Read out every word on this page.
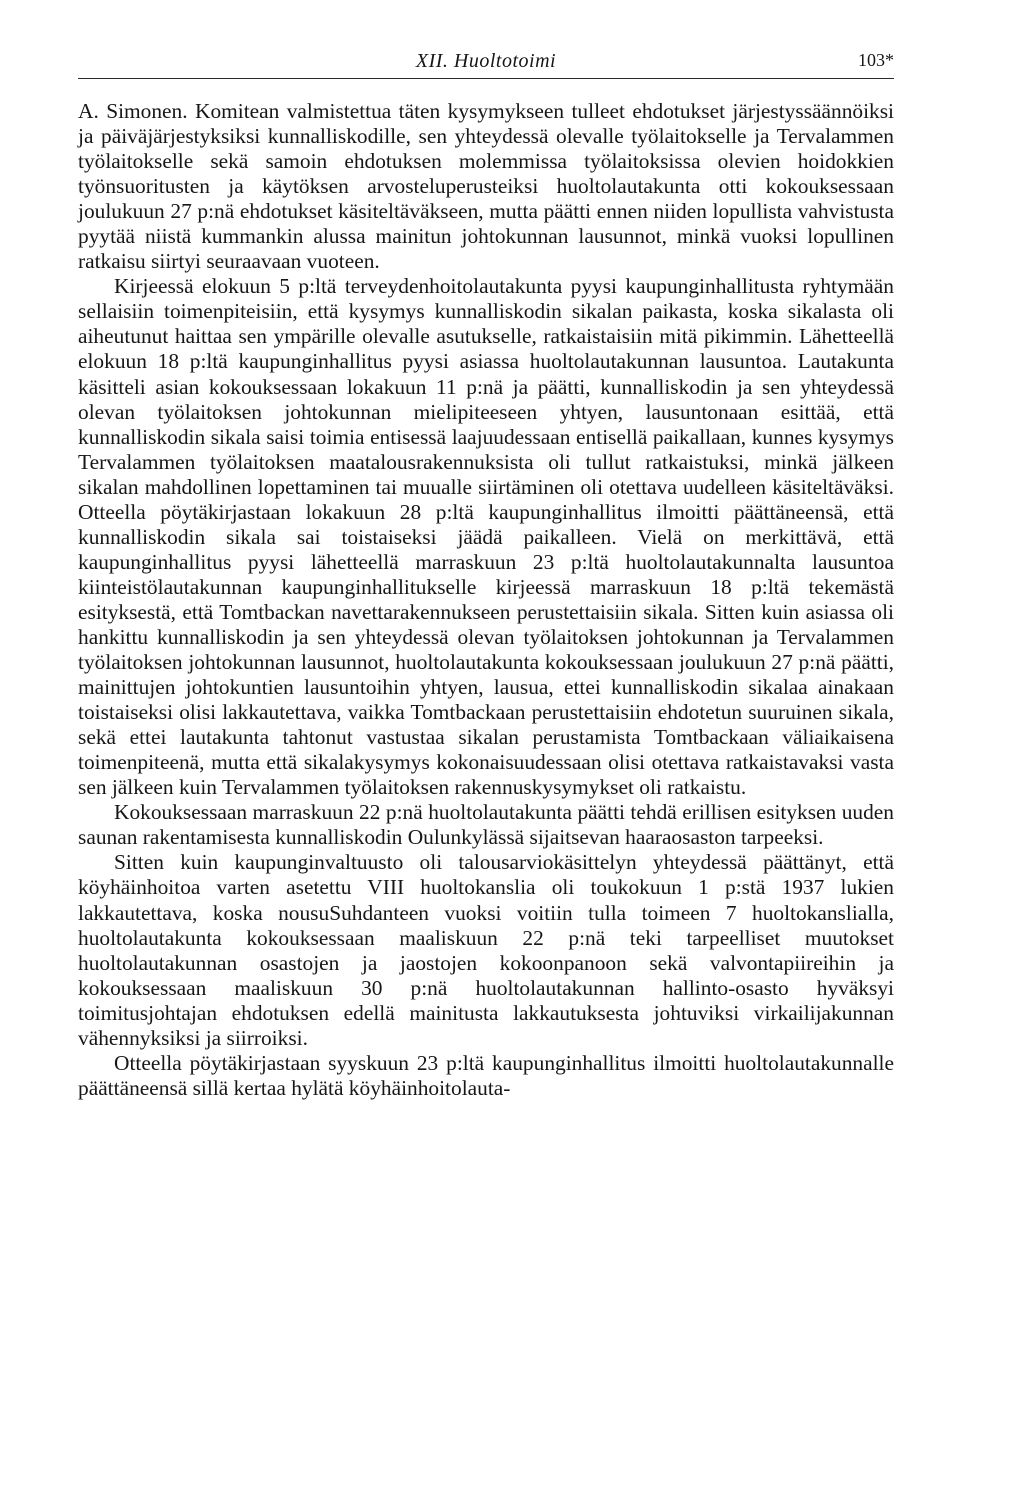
XII. Huoltotoimi	103*

A. Simonen. Komitean valmistettua täten kysymykseen tulleet ehdotukset järjestyssäännöiksi ja päiväjärjestyksiksi kunnalliskodille, sen yhteydessä olevalle työlaitokselle ja Tervalammen työlaitokselle sekä samoin ehdotuksen molemmissa työlaitoksissa olevien hoidokkien työnsuoritusten ja käytöksen arvosteluperusteiksi huoltolautakunta otti kokouksessaan joulukuun 27 p:nä ehdotukset käsiteltäväkseen, mutta päätti ennen niiden lopullista vahvistusta pyytää niistä kummankin alussa mainitun johtokunnan lausunnot, minkä vuoksi lopullinen ratkaisu siirtyi seuraavaan vuoteen.

Kirjeessä elokuun 5 p:ltä terveydenhoitolautakunta pyysi kaupunginhallitusta ryhtymään sellaisiin toimenpiteisiin, että kysymys kunnalliskodin sikalan paikasta, koska sikalasta oli aiheutunut haittaa sen ympärille olevalle asutukselle, ratkaistaisiin mitä pikimmin. Lähetteellä elokuun 18 p:ltä kaupunginhallitus pyysi asiassa huoltolautakunnan lausuntoa. Lautakunta käsitteli asian kokouksessaan lokakuun 11 p:nä ja päätti, kunnalliskodin ja sen yhteydessä olevan työlaitoksen johtokunnan mielipiteeseen yhtyen, lausuntonaan esittää, että kunnalliskodin sikala saisi toimia entisessä laajuudessaan entisellä paikallaan, kunnes kysymys Tervalammen työlaitoksen maatalousrakennuksista oli tullut ratkaistuksi, minkä jälkeen sikalan mahdollinen lopettaminen tai muualle siirtäminen oli otettava uudelleen käsiteltäväksi. Otteella pöytäkirjastaan lokakuun 28 p:ltä kaupunginhallitus ilmoitti päättäneensä, että kunnalliskodin sikala sai toistaiseksi jäädä paikalleen. Vielä on merkittävä, että kaupunginhallitus pyysi lähetteellä marraskuun 23 p:ltä huoltolautakunnalta lausuntoa kiinteistölautakunnan kaupunginhallitukselle kirjeessä marraskuun 18 p:ltä tekemästä esityksestä, että Tomtbackan navettarakennukseen perustettaisiin sikala. Sitten kuin asiassa oli hankittu kunnalliskodin ja sen yhteydessä olevan työlaitoksen johtokunnan ja Tervalammen työlaitoksen johtokunnan lausunnot, huoltolautakunta kokouksessaan joulukuun 27 p:nä päätti, mainittujen johtokuntien lausuntoihin yhtyen, lausua, ettei kunnalliskodin sikalaa ainakaan toistaiseksi olisi lakkautettava, vaikka Tomtbackaan perustettaisiin ehdotetun suuruinen sikala, sekä ettei lautakunta tahtonut vastustaa sikalan perustamista Tomtbackaan väliaikaisena toimenpiteenä, mutta että sikalakysymys kokonaisuudessaan olisi otettava ratkaistavaksi vasta sen jälkeen kuin Tervalammen työlaitoksen rakennuskysymykset oli ratkaistu.

Kokouksessaan marraskuun 22 p:nä huoltolautakunta päätti tehdä erillisen esityksen uuden saunan rakentamisesta kunnalliskodin Oulunkylässä sijaitsevan haaraosaston tarpeeksi.

Sitten kuin kaupunginvaltuusto oli talousarviokäsittelyn yhteydessä päättänyt, että köyhäinhoitoa varten asetettu VIII huoltokanslia oli toukokuun 1 p:stä 1937 lukien lakkautettava, koska nousuSuhdanteen vuoksi voitiin tulla toimeen 7 huoltokanslialla, huoltolautakunta kokouksessaan maaliskuun 22 p:nä teki tarpeelliset muutokset huoltolautakunnan osastojen ja jaostojen kokoonpanoon sekä valvontapiireihin ja kokouksessaan maaliskuun 30 p:nä huoltolautakunnan hallinto-osasto hyväksyi toimitusjohtajan ehdotuksen edellä mainitusta lakkautuksesta johtuviksi virkailijakunnan vähennyksiksi ja siirroiksi.

Otteella pöytäkirjastaan syyskuun 23 p:ltä kaupunginhallitus ilmoitti huoltolautakunnalle päättäneensä sillä kertaa hylätä köyhäinhoitolauta-
